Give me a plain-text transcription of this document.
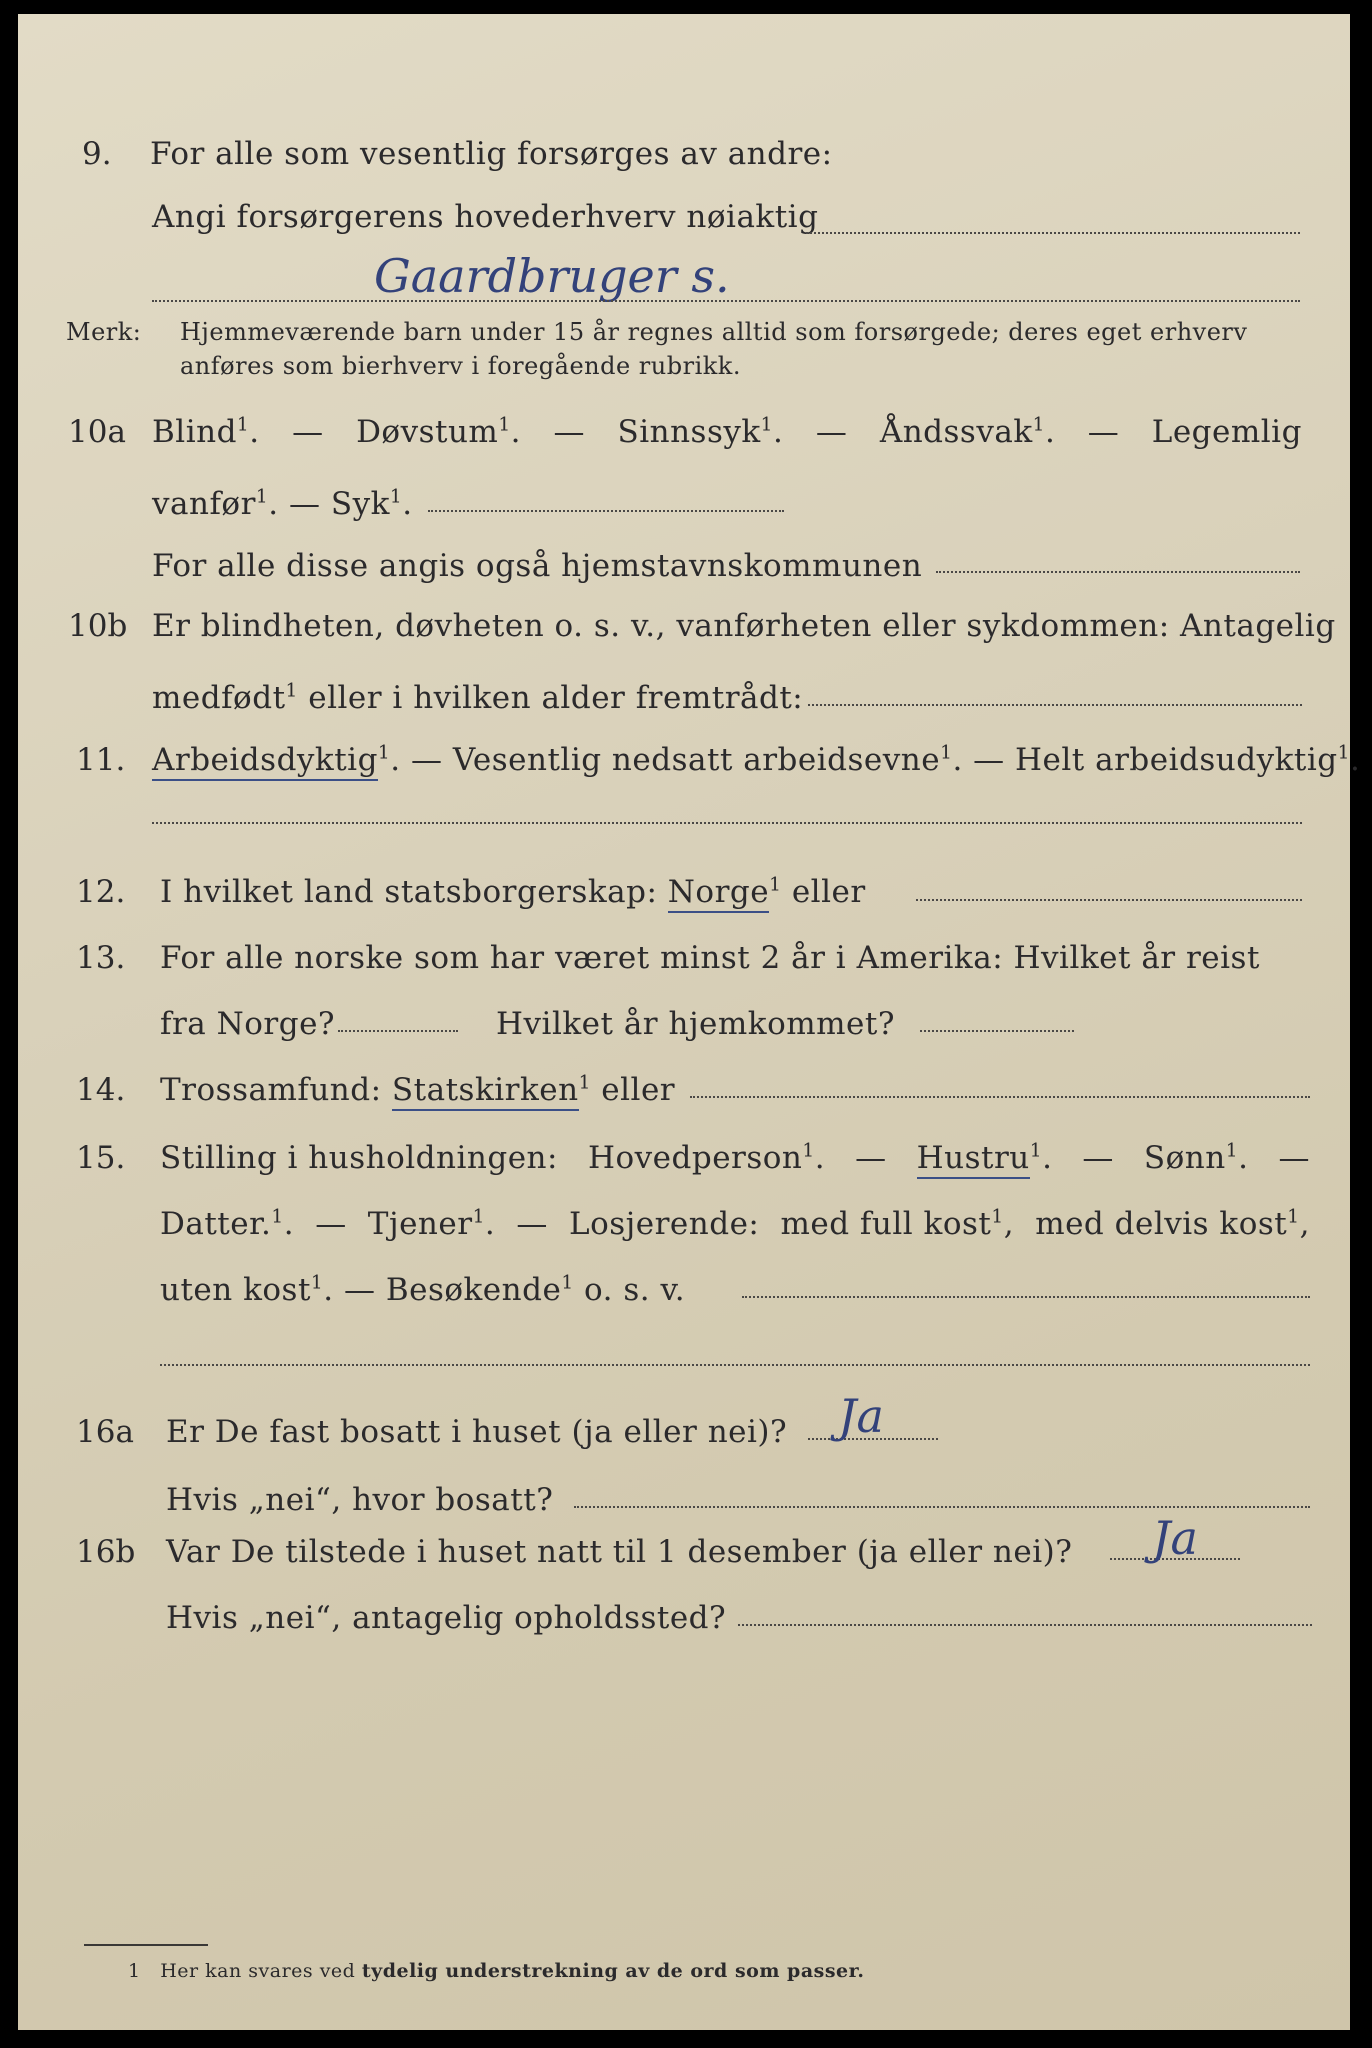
9. For alle som vesentlig forsørges av andre:
Angi forsørgerens hovederhverv nøiaktig
Gaardbruger s.
Merk: Hjemmeværende barn under 15 år regnes alltid som forsørgede; deres eget erhverv
anføres som bierhverv i foregående rubrikk.
10a Blind$^1$. — Døvstum$^1$. — Sinnssyk$^1$. — Åndssvak$^1$. — Legemlig
vanfør$^1$. — Syk$^1$.
For alle disse angis også hjemstavnskommunen
10b Er blindheten, døvheten o. s. v., vanførheten eller sykdommen: Antagelig
medfødt$^1$ eller i hvilken alder fremtrådt:
11. Arbeidsdyktig$^1$. — Vesentlig nedsatt arbeidsevne$^1$. — Helt arbeidsudyktig$^1$.
12. I hvilket land statsborgerskap: Norge$^1$ eller
13. For alle norske som har været minst 2 år i Amerika: Hvilket år reist
fra Norge?	Hvilket år hjemkommet?
14. Trossamfund: Statskirken$^1$ eller
15. Stilling i husholdningen: Hovedperson$^1$. — Hustru$^1$. — Sønn$^1$. —
Datter.$^1$. — Tjener$^1$. — Losjerende: med full kost$^1$, med delvis kost$^1$,
uten kost$^1$. — Besøkende$^1$ o. s. v.
16a Er De fast bosatt i huset (ja eller nei)? Ja
Hvis „nei“, hvor bosatt?
16b Var De tilstede i huset natt til 1 desember (ja eller nei)? Ja
Hvis „nei“, antagelig opholdssted?
1 Her kan svares ved tydelig understrekning av de ord som passer.
